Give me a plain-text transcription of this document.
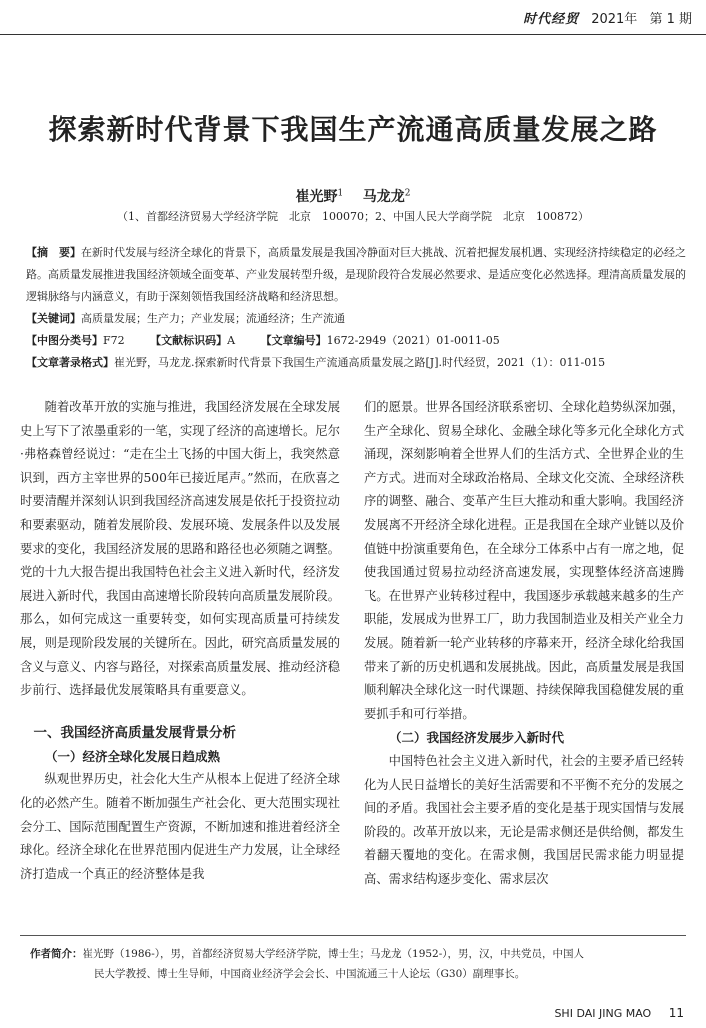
时代经贸 2021年 第 1 期
探索新时代背景下我国生产流通高质量发展之路
崔光野$^1$ 马龙龙$^2$
（1、首都经济贸易大学经济学院　北京　100070；2、中国人民大学商学院　北京　100872）
【摘　要】在新时代发展与经济全球化的背景下，高质量发展是我国冷静面对巨大挑战、沉着把握发展机遇、实现经济持续稳定的必经之路。高质量发展推进我国经济领域全面变革、产业发展转型升级，是现阶段符合发展必然要求、是适应变化必然选择。理清高质量发展的逻辑脉络与内涵意义，有助于深刻领悟我国经济战略和经济思想。
【关键词】高质量发展；生产力；产业发展；流通经济；生产流通
【中图分类号】F72 【文献标识码】A 【文章编号】1672-2949（2021）01-0011-05
【文章著录格式】崔光野，马龙龙.探索新时代背景下我国生产流通高质量发展之路[J].时代经贸，2021（1）：011-015

随着改革开放的实施与推进，我国经济发展在全球发展史上写下了浓墨重彩的一笔，实现了经济的高速增长。尼尔·弗格森曾经说过：“走在尘土飞扬的中国大街上，我突然意识到，西方主宰世界的500年已接近尾声。”然而，在欣喜之时要清醒并深刻认识到我国经济高速发展是依托于投资拉动和要素驱动，随着发展阶段、发展环境、发展条件以及发展要求的变化，我国经济发展的思路和路径也必须随之调整。党的十九大报告提出我国特色社会主义进入新时代，经济发展进入新时代，我国由高速增长阶段转向高质量发展阶段。那么，如何完成这一重要转变，如何实现高质量可持续发展，则是现阶段发展的关键所在。因此，研究高质量发展的含义与意义、内容与路径，对探索高质量发展、推动经济稳步前行、选择最优发展策略具有重要意义。

一、我国经济高质量发展背景分析
（一）经济全球化发展日趋成熟

纵观世界历史，社会化大生产从根本上促进了经济全球化的必然产生。随着不断加强生产社会化、更大范围实现社会分工、国际范围配置生产资源，不断加速和推进着经济全球化。经济全球化在世界范围内促进生产力发展，让全球经济打造成一个真正的经济整体是我

们的愿景。世界各国经济联系密切、全球化趋势纵深加强，生产全球化、贸易全球化、金融全球化等多元化全球化方式涌现，深刻影响着全世界人们的生活方式、全世界企业的生产方式。进而对全球政治格局、全球文化交流、全球经济秩序的调整、融合、变革产生巨大推动和重大影响。我国经济发展离不开经济全球化进程。正是我国在全球产业链以及价值链中扮演重要角色，在全球分工体系中占有一席之地，促使我国通过贸易拉动经济高速发展，实现整体经济高速腾飞。在世界产业转移过程中，我国逐步承载越来越多的生产职能，发展成为世界工厂，助力我国制造业及相关产业全力发展。随着新一轮产业转移的序幕来开，经济全球化给我国带来了新的历史机遇和发展挑战。因此，高质量发展是我国顺利解决全球化这一时代课题、持续保障我国稳健发展的重要抓手和可行举措。

（二）我国经济发展步入新时代

中国特色社会主义进入新时代，社会的主要矛盾已经转化为人民日益增长的美好生活需要和不平衡不充分的发展之间的矛盾。我国社会主要矛盾的变化是基于现实国情与发展阶段的。改革开放以来，无论是需求侧还是供给侧，都发生着翻天覆地的变化。在需求侧，我国居民需求能力明显提高、需求结构逐步变化、需求层次

作者简介：崔光野（1986-），男，首都经济贸易大学经济学院，博士生；马龙龙（1952-），男，汉，中共党员，中国人
民大学教授、博士生导师，中国商业经济学会会长、中国流通三十人论坛（G30）副理事长。
SHI DAI JING MAO 11
